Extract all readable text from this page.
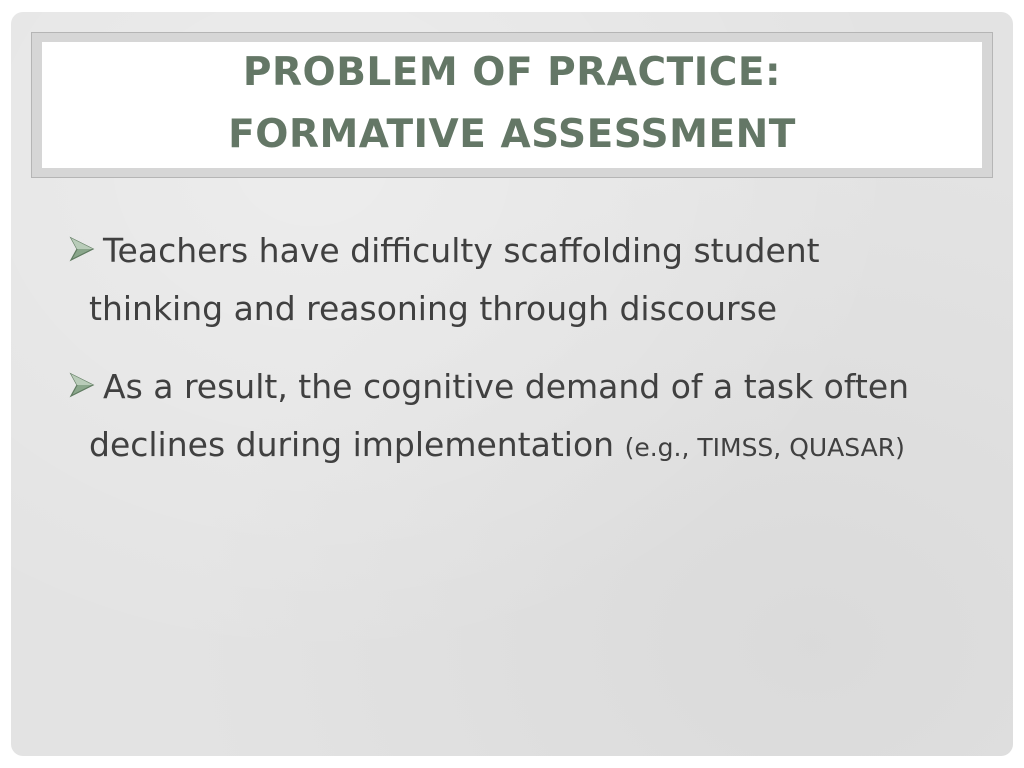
PROBLEM OF PRACTICE:
FORMATIVE ASSESSMENT
Teachers have difficulty scaffolding student thinking and reasoning through discourse
As a result, the cognitive demand of a task often declines during implementation (e.g., TIMSS, QUASAR)
